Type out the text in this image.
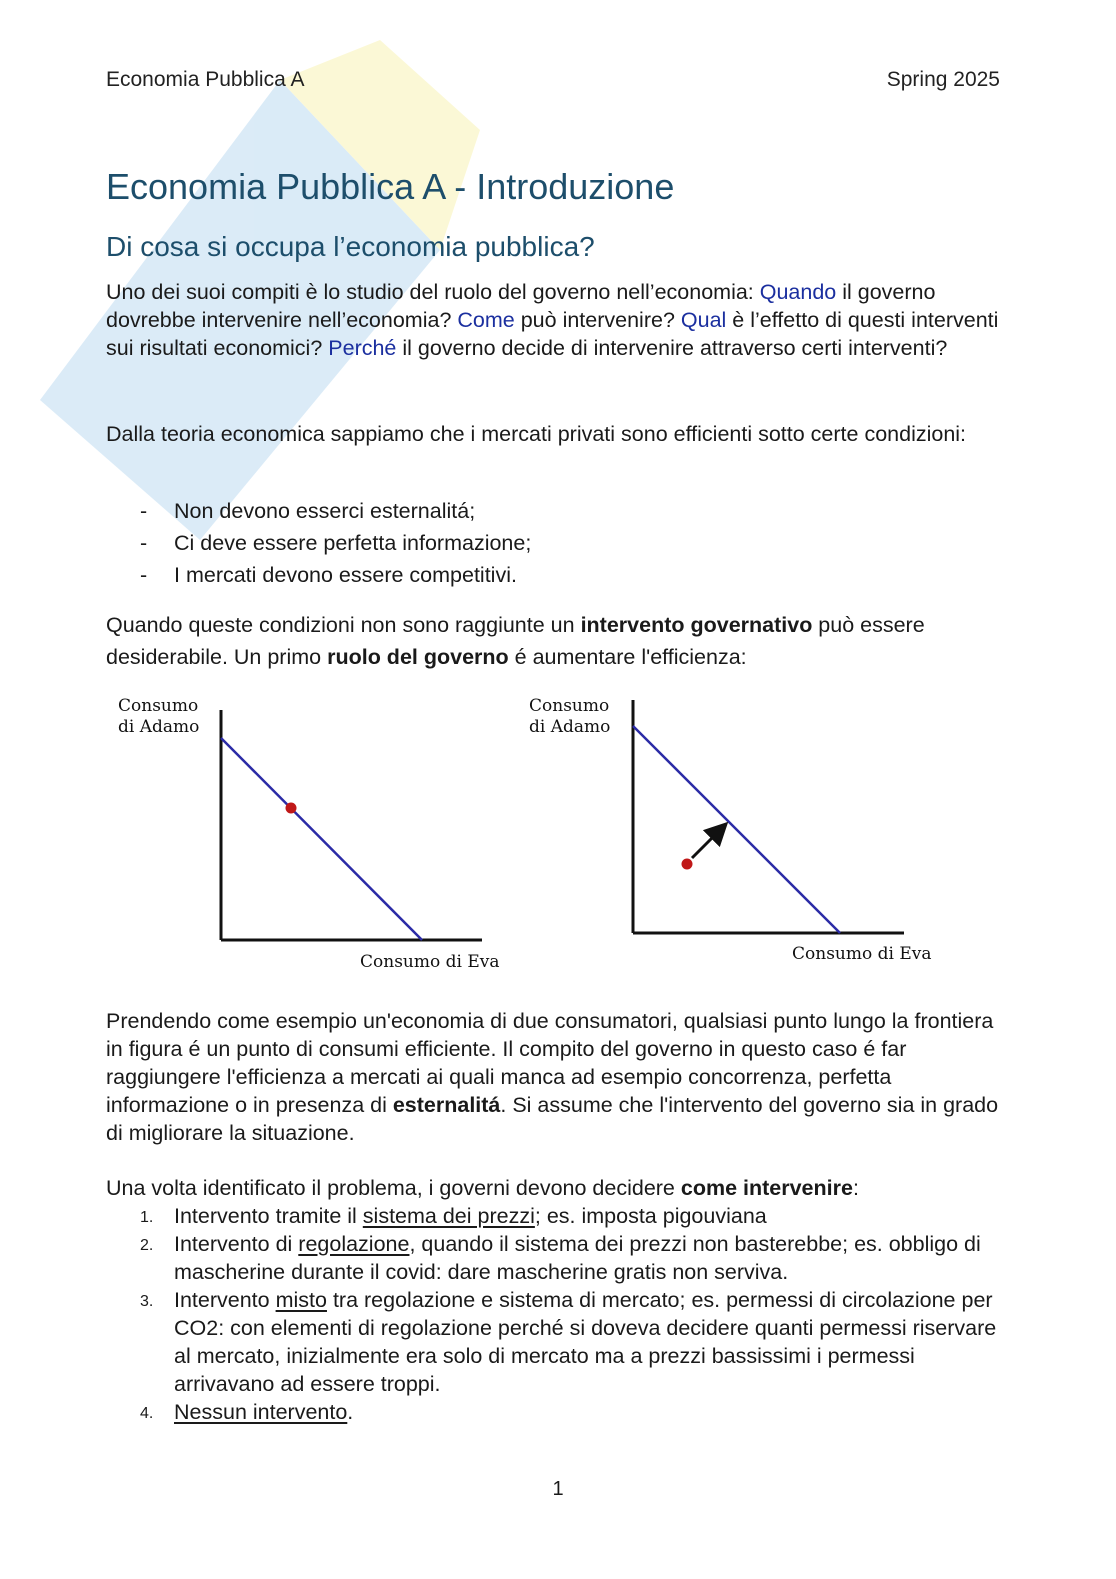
Economia Pubblica A	Spring 2025
Economia Pubblica A - Introduzione
Di cosa si occupa l’economia pubblica?

Uno dei suoi compiti è lo studio del ruolo del governo nell’economia: Quando il governo dovrebbe intervenire nell’economia? Come può intervenire? Qual è l’effetto di questi interventi sui risultati economici? Perché il governo decide di intervenire attraverso certi interventi?

Dalla teoria economica sappiamo che i mercati privati sono efficienti sotto certe condizioni:

- Non devono esserci esternalitá;
- Ci deve essere perfetta informazione;
- I mercati devono essere competitivi.

Quando queste condizioni non sono raggiunte un intervento governativo può essere desiderabile. Un primo ruolo del governo é aumentare l'efficienza:

Consumo
di Adamo
Consumo di Eva
Consumo
di Adamo
Consumo di Eva

Prendendo come esempio un'economia di due consumatori, qualsiasi punto lungo la frontiera in figura é un punto di consumi efficiente. Il compito del governo in questo caso é far raggiungere l'efficienza a mercati ai quali manca ad esempio concorrenza, perfetta informazione o in presenza di esternalitá. Si assume che l'intervento del governo sia in grado di migliorare la situazione.

Una volta identificato il problema, i governi devono decidere come intervenire:

1. Intervento tramite il sistema dei prezzi; es. imposta pigouviana
2. Intervento di regolazione, quando il sistema dei prezzi non basterebbe; es. obbligo di mascherine durante il covid: dare mascherine gratis non serviva.
3. Intervento misto tra regolazione e sistema di mercato; es. permessi di circolazione per CO2: con elementi di regolazione perché si doveva decidere quanti permessi riservare al mercato, inizialmente era solo di mercato ma a prezzi bassissimi i permessi arrivavano ad essere troppi.
4. Nessun intervento.
1
